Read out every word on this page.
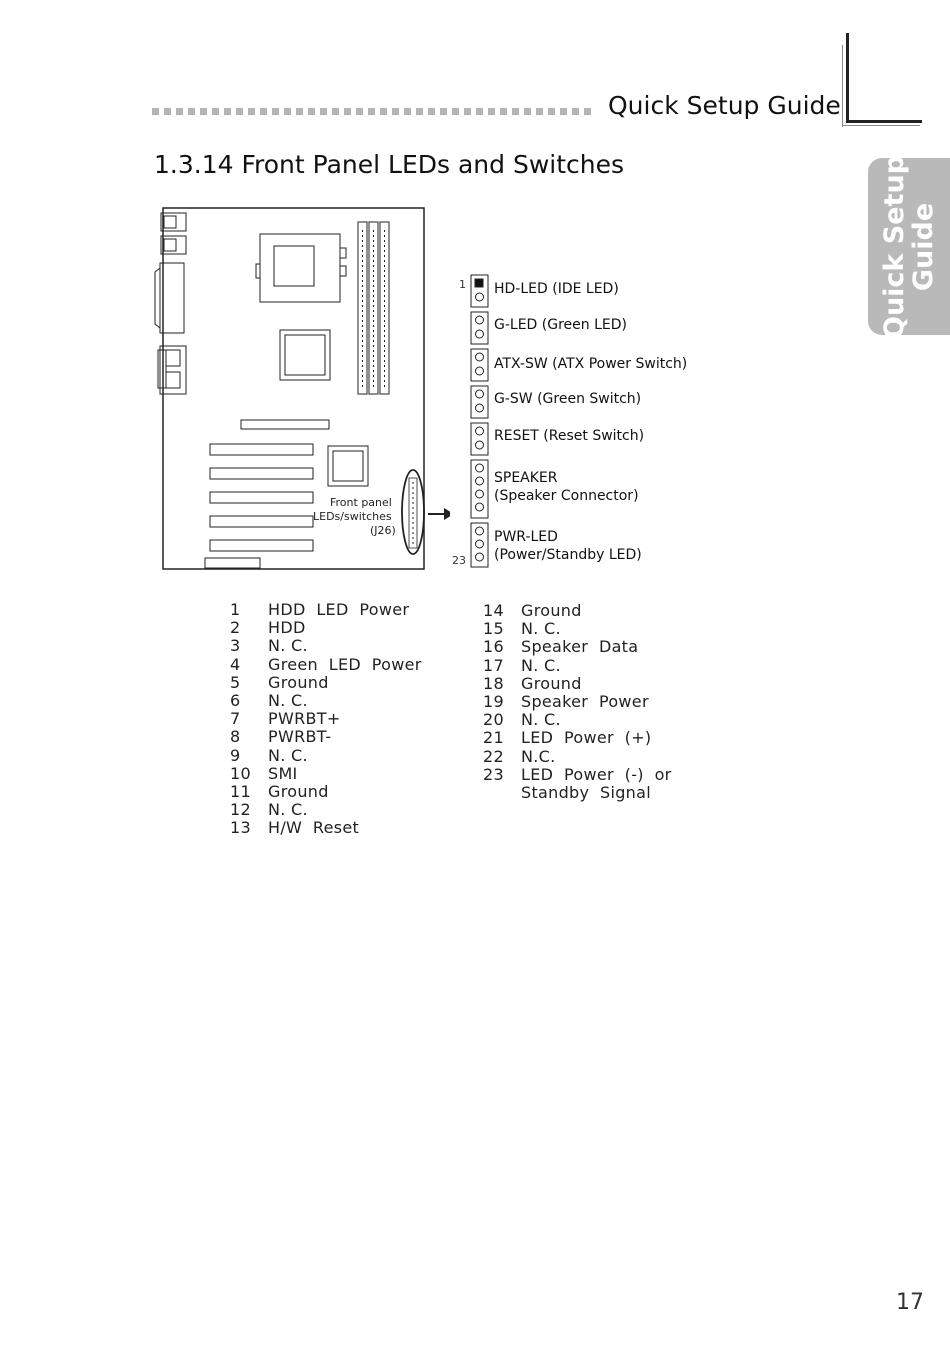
Quick Setup Guide
Quick Setup
Guide
1.3.14 Front Panel LEDs and Switches
Front panel
LEDs/switches
(J26)
1
23
HD-LED (IDE LED)
G-LED (Green LED)
ATX-SW (ATX Power Switch)
G-SW (Green Switch)
RESET (Reset Switch)
SPEAKER
(Speaker Connector)
PWR-LED
(Power/Standby LED)
1	HDD  LED  Power
2	HDD
3	N. C.
4	Green  LED  Power
5	Ground
6	N. C.
7	PWRBT+
8	PWRBT-
9	N. C.
10	SMI
11	Ground
12	N. C.
13	H/W  Reset
14	Ground
15	N. C.
16	Speaker  Data
17	N. C.
18	Ground
19	Speaker  Power
20	N. C.
21	LED  Power  (+)
22	N.C.
23	LED  Power  (-)  or
Standby  Signal
17
